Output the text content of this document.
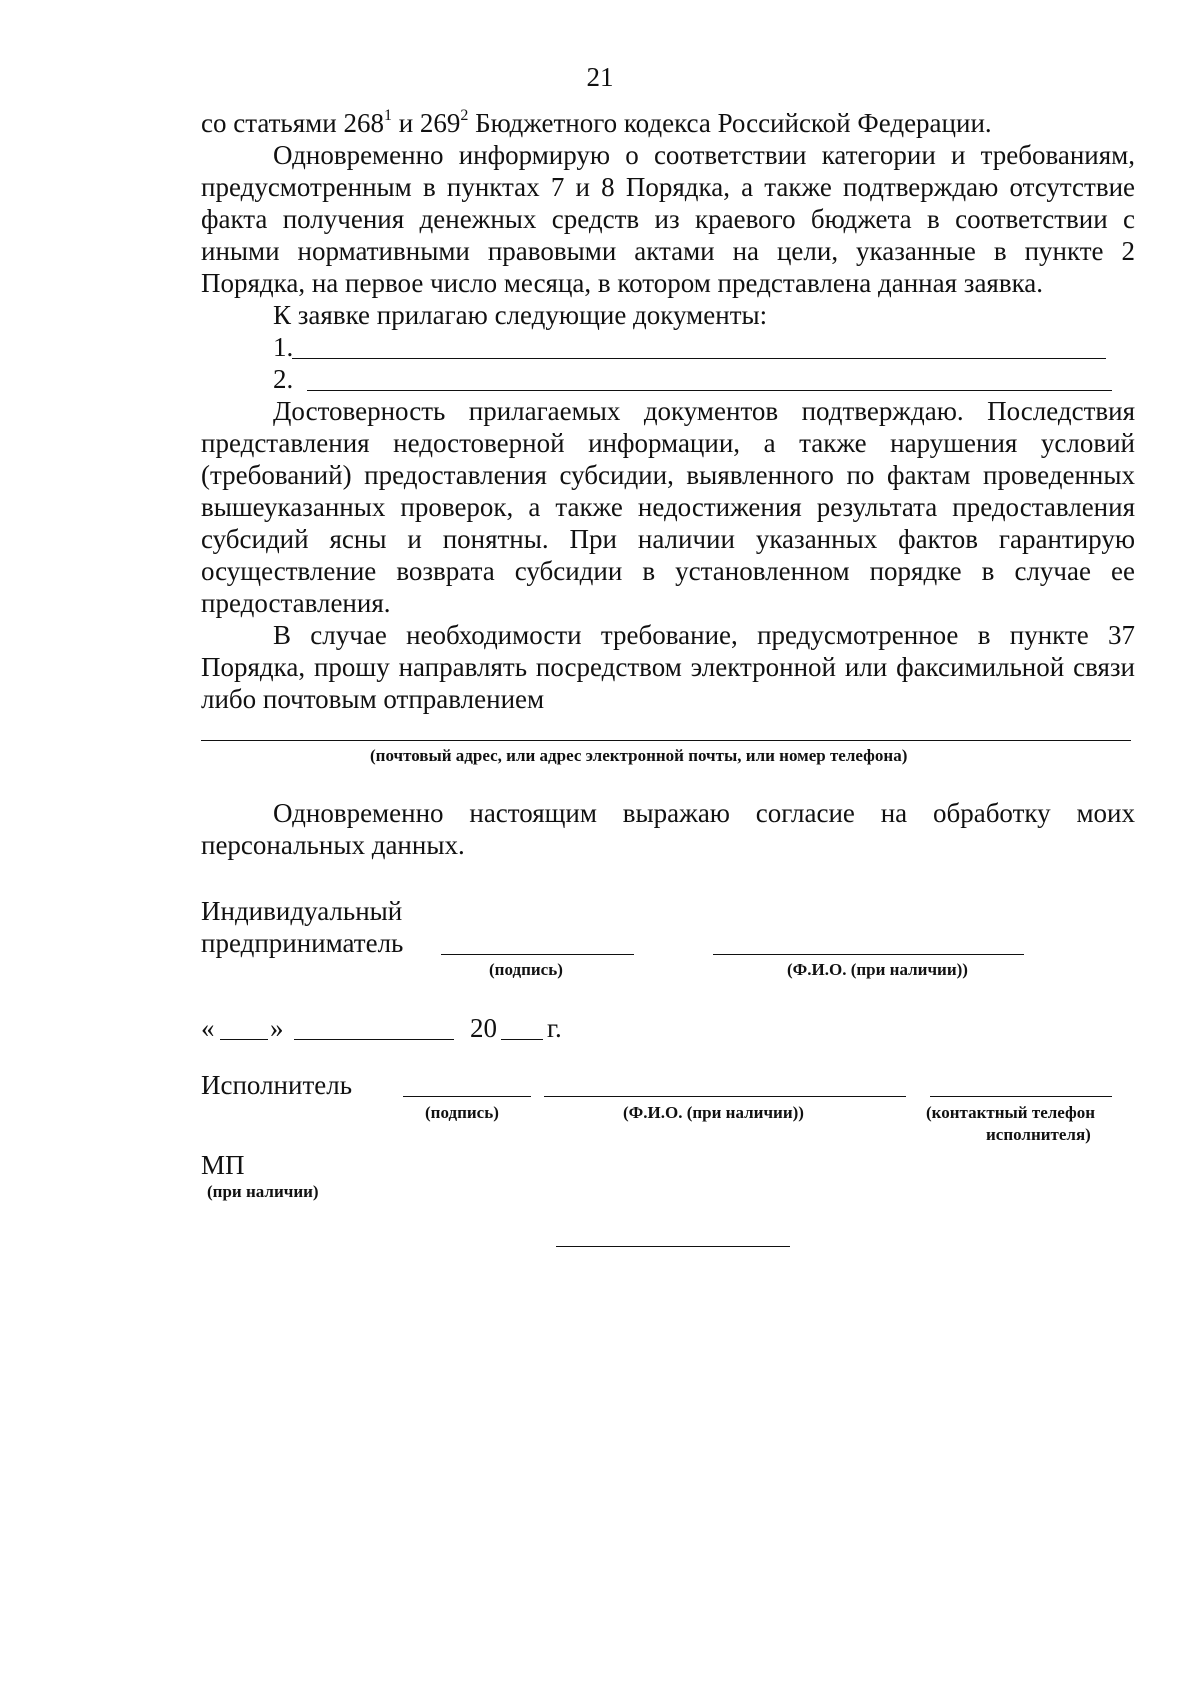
21
со статьями $268^1$ и $269^2$ Бюджетного кодекса Российской Федерации.
Одновременно информирую о соответствии категории и требованиям, предусмотренным в пунктах 7 и 8 Порядка, а также подтверждаю отсутствие факта получения денежных средств из краевого бюджета в соответствии с иными нормативными правовыми актами на цели, указанные в пункте 2 Порядка, на первое число месяца, в котором представлена данная заявка.
К заявке прилагаю следующие документы:
1.
2.
Достоверность прилагаемых документов подтверждаю. Последствия представления недостоверной информации, а также нарушения условий (требований) предоставления субсидии, выявленного по фактам проведенных вышеуказанных проверок, а также недостижения результата предоставления субсидий ясны и понятны. При наличии указанных фактов гарантирую осуществление возврата субсидии в установленном порядке в случае ее предоставления.
В случае необходимости требование, предусмотренное в пункте 37 Порядка, прошу направлять посредством электронной или факсимильной связи либо почтовым отправлением
(почтовый адрес, или адрес электронной почты, или номер телефона)
Одновременно настоящим выражаю согласие на обработку моих персональных данных.
Индивидуальный
предприниматель
(подпись)	(Ф.И.О. (при наличии))
« »	20 г.
Исполнитель
(подпись)	(Ф.И.О. (при наличии))	(контактный телефон
исполнителя)
МП
(при наличии)
